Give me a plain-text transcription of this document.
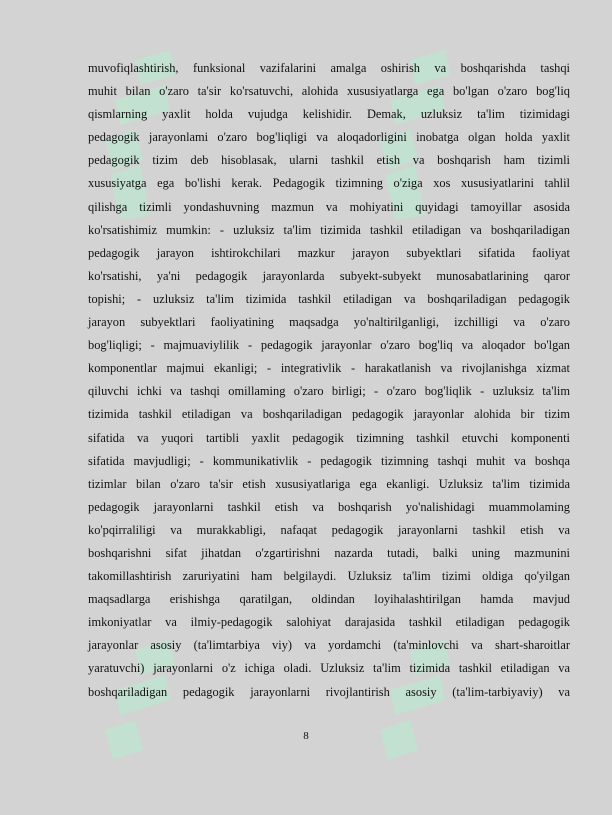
muvofiqlashtirish, funksional vazifalarini amalga oshirish va boshqarishda tashqi
muhit bilan o'zaro ta'sir ko'rsatuvchi, alohida xususiyatlarga ega bo'lgan o'zaro bog'liq
qismlarning yaxlit holda vujudga kelishidir. Demak, uzluksiz ta'lim tizimidagi
pedagogik jarayonlami o'zaro bog'liqligi va aloqadorligini inobatga olgan holda yaxlit
pedagogik tizim deb hisoblasak, ularni tashkil etish va boshqarish ham tizimli
xususiyatga ega bo'lishi kerak. Pedagogik tizimning o'ziga xos xususiyatlarini tahlil
qilishga tizimli yondashuvning mazmun va mohiyatini quyidagi tamoyillar asosida
ko'rsatishimiz mumkin: - uzluksiz ta'lim tizimida tashkil etiladigan va boshqariladigan
pedagogik jarayon ishtirokchilari mazkur jarayon subyektlari sifatida faoliyat
ko'rsatishi, ya'ni pedagogik jarayonlarda subyekt-subyekt munosabatlarining qaror
topishi; - uzluksiz ta'lim tizimida tashkil etiladigan va boshqariladigan pedagogik
jarayon subyektlari faoliyatining maqsadga yo'naltirilganligi, izchilligi va o'zaro
bog'liqligi; - majmuaviylilik - pedagogik jarayonlar o'zaro bog'liq va aloqador bo'lgan
komponentlar majmui ekanligi; - integrativlik - harakatlanish va rivojlanishga xizmat
qiluvchi ichki va tashqi omillaming o'zaro birligi; - o'zaro bog'liqlik - uzluksiz ta'lim
tizimida tashkil etiladigan va boshqariladigan pedagogik jarayonlar alohida bir tizim
sifatida va yuqori tartibli yaxlit pedagogik tizimning tashkil etuvchi komponenti
sifatida mavjudligi; - kommunikativlik - pedagogik tizimning tashqi muhit va boshqa
tizimlar bilan o'zaro ta'sir etish xususiyatlariga ega ekanligi. Uzluksiz ta'lim tizimida
pedagogik jarayonlarni tashkil etish va boshqarish yo'nalishidagi muammolaming
ko'pqirraliligi va murakkabligi, nafaqat pedagogik jarayonlarni tashkil etish va
boshqarishni sifat jihatdan o'zgartirishni nazarda tutadi, balki uning mazmunini
takomillashtirish zaruriyatini ham belgilaydi. Uzluksiz ta'lim tizimi oldiga qo'yilgan
maqsadlarga erishishga qaratilgan, oldindan loyihalashtirilgan hamda mavjud
imkoniyatlar va ilmiy-pedagogik salohiyat darajasida tashkil etiladigan pedagogik
jarayonlar asosiy (ta'limtarbiya viy) va yordamchi (ta'minlovchi va shart-sharoitlar
yaratuvchi) jarayonlarni o'z ichiga oladi. Uzluksiz ta'lim tizimida tashkil etiladigan va
boshqariladigan pedagogik jarayonlarni rivojlantirish asosiy (ta'lim-tarbiyaviy) va
8
